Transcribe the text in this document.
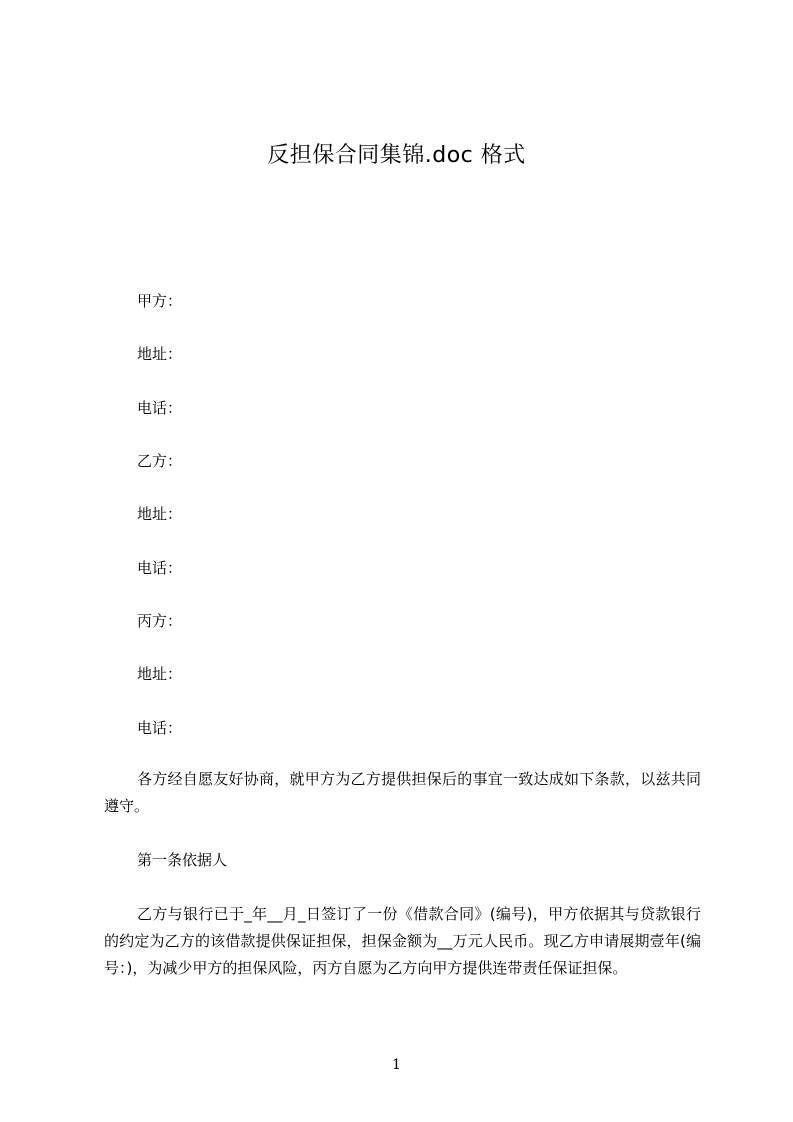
反担保合同集锦.doc 格式
甲方：
地址：
电话：
乙方：
地址：
电话：
丙方：
地址：
电话：
各方经自愿友好协商，就甲方为乙方提供担保后的事宜一致达成如下条款，以兹共同遵守。
第一条依据人
乙方与银行已于_年__月_日签订了一份《借款合同》(编号)，甲方依据其与贷款银行的约定为乙方的该借款提供保证担保，担保金额为__万元人民币。现乙方申请展期壹年(编号：)，为减少甲方的担保风险，丙方自愿为乙方向甲方提供连带责任保证担保。
1
